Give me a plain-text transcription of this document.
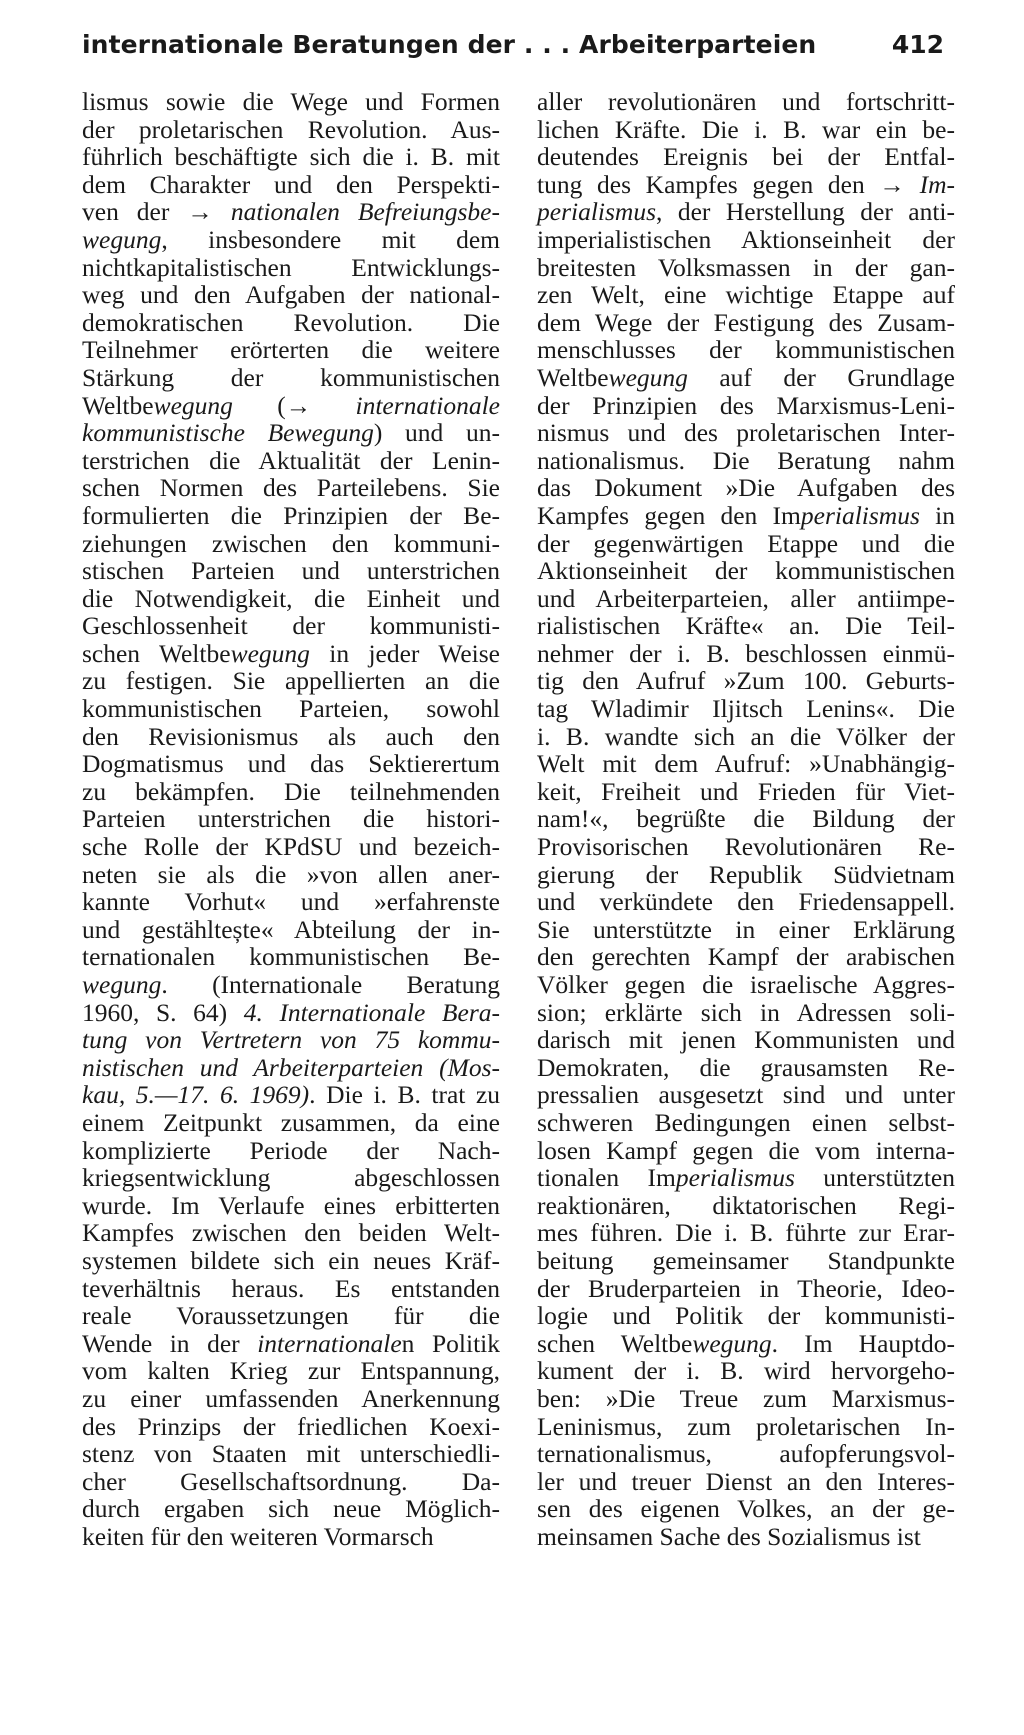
internationale Beratungen der . . . Arbeiterparteien	412
lismus sowie die Wege und Formen
der proletarischen Revolution. Aus-
führlich beschäftigte sich die i. B. mit
dem Charakter und den Perspekti-
ven der → nationalen Befreiungsbe-
wegung, insbesondere mit dem
nichtkapitalistischen Entwicklungs-
weg und den Aufgaben der national-
demokratischen Revolution. Die
Teilnehmer erörterten die weitere
Stärkung der kommunistischen
Weltbewegung (→ internationale
kommunistische Bewegung) und un-
terstrichen die Aktualität der Lenin-
schen Normen des Parteilebens. Sie
formulierten die Prinzipien der Be-
ziehungen zwischen den kommuni-
stischen Parteien und unterstrichen
die Notwendigkeit, die Einheit und
Geschlossenheit der kommunisti-
schen Weltbewegung in jeder Weise
zu festigen. Sie appellierten an die
kommunistischen Parteien, sowohl
den Revisionismus als auch den
Dogmatismus und das Sektierertum
zu bekämpfen. Die teilnehmenden
Parteien unterstrichen die histori-
sche Rolle der KPdSU und bezeich-
neten sie als die »von allen aner-
kannte Vorhut« und »erfahrenste
und gestähltește« Abteilung der in-
ternationalen kommunistischen Be-
wegung. (Internationale Beratung
1960, S. 64) 4. Internationale Bera-
tung von Vertretern von 75 kommu-
nistischen und Arbeiterparteien (Mos-
kau, 5.—17. 6. 1969). Die i. B. trat zu
einem Zeitpunkt zusammen, da eine
komplizierte Periode der Nach-
kriegsentwicklung abgeschlossen
wurde. Im Verlaufe eines erbitterten
Kampfes zwischen den beiden Welt-
systemen bildete sich ein neues Kräf-
teverhältnis heraus. Es entstanden
reale Voraussetzungen für die
Wende in der internationalen Politik
vom kalten Krieg zur Entspannung,
zu einer umfassenden Anerkennung
des Prinzips der friedlichen Koexi-
stenz von Staaten mit unterschiedli-
cher Gesellschaftsordnung. Da-
durch ergaben sich neue Möglich-
keiten für den weiteren Vormarsch
aller revolutionären und fortschritt-
lichen Kräfte. Die i. B. war ein be-
deutendes Ereignis bei der Entfal-
tung des Kampfes gegen den → Im-
perialismus, der Herstellung der anti-
imperialistischen Aktionseinheit der
breitesten Volksmassen in der gan-
zen Welt, eine wichtige Etappe auf
dem Wege der Festigung des Zusam-
menschlusses der kommunistischen
Weltbewegung auf der Grundlage
der Prinzipien des Marxismus-Leni-
nismus und des proletarischen Inter-
nationalismus. Die Beratung nahm
das Dokument »Die Aufgaben des
Kampfes gegen den Imperialismus in
der gegenwärtigen Etappe und die
Aktionseinheit der kommunistischen
und Arbeiterparteien, aller antiimpe-
rialistischen Kräfte« an. Die Teil-
nehmer der i. B. beschlossen einmü-
tig den Aufruf »Zum 100. Geburts-
tag Wladimir Iljitsch Lenins«. Die
i. B. wandte sich an die Völker der
Welt mit dem Aufruf: »Unabhängig-
keit, Freiheit und Frieden für Viet-
nam!«, begrüßte die Bildung der
Provisorischen Revolutionären Re-
gierung der Republik Südvietnam
und verkündete den Friedensappell.
Sie unterstützte in einer Erklärung
den gerechten Kampf der arabischen
Völker gegen die israelische Aggres-
sion; erklärte sich in Adressen soli-
darisch mit jenen Kommunisten und
Demokraten, die grausamsten Re-
pressalien ausgesetzt sind und unter
schweren Bedingungen einen selbst-
losen Kampf gegen die vom interna-
tionalen Imperialismus unterstützten
reaktionären, diktatorischen Regi-
mes führen. Die i. B. führte zur Erar-
beitung gemeinsamer Standpunkte
der Bruderparteien in Theorie, Ideo-
logie und Politik der kommunisti-
schen Weltbewegung. Im Hauptdo-
kument der i. B. wird hervorgeho-
ben: »Die Treue zum Marxismus-
Leninismus, zum proletarischen In-
ternationalismus, aufopferungsvol-
ler und treuer Dienst an den Interes-
sen des eigenen Volkes, an der ge-
meinsamen Sache des Sozialismus ist
